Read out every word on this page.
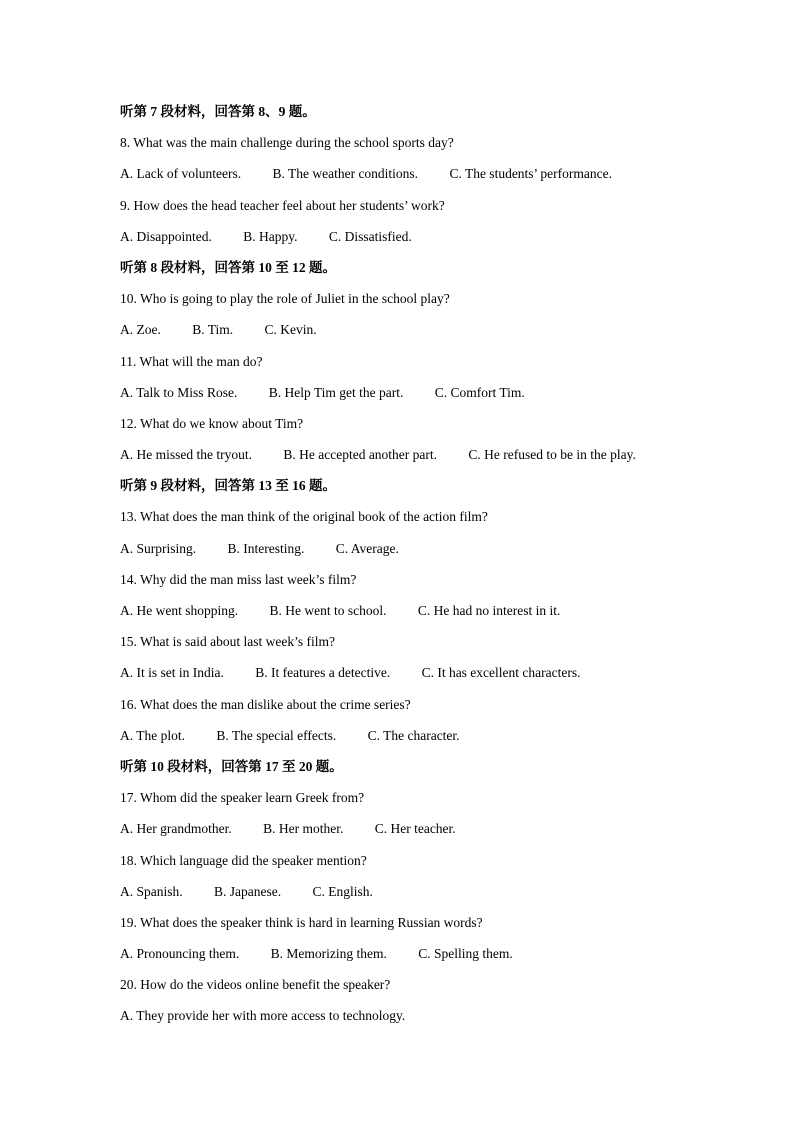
听第 7 段材料，回答第 8、9 题。
8. What was the main challenge during the school sports day?
A. Lack of volunteers. B. The weather conditions. C. The students’ performance.
9. How does the head teacher feel about her students’ work?
A. Disappointed. B. Happy. C. Dissatisfied.
听第 8 段材料，回答第 10 至 12 题。
10. Who is going to play the role of Juliet in the school play?
A. Zoe. B. Tim. C. Kevin.
11. What will the man do?
A. Talk to Miss Rose. B. Help Tim get the part. C. Comfort Tim.
12. What do we know about Tim?
A. He missed the tryout. B. He accepted another part. C. He refused to be in the play.
听第 9 段材料，回答第 13 至 16 题。
13. What does the man think of the original book of the action film?
A. Surprising. B. Interesting. C. Average.
14. Why did the man miss last week’s film?
A. He went shopping. B. He went to school. C. He had no interest in it.
15. What is said about last week’s film?
A. It is set in India. B. It features a detective. C. It has excellent characters.
16. What does the man dislike about the crime series?
A. The plot. B. The special effects. C. The character.
听第 10 段材料，回答第 17 至 20 题。
17. Whom did the speaker learn Greek from?
A. Her grandmother. B. Her mother. C. Her teacher.
18. Which language did the speaker mention?
A. Spanish. B. Japanese. C. English.
19. What does the speaker think is hard in learning Russian words?
A. Pronouncing them. B. Memorizing them. C. Spelling them.
20. How do the videos online benefit the speaker?
A. They provide her with more access to technology.
